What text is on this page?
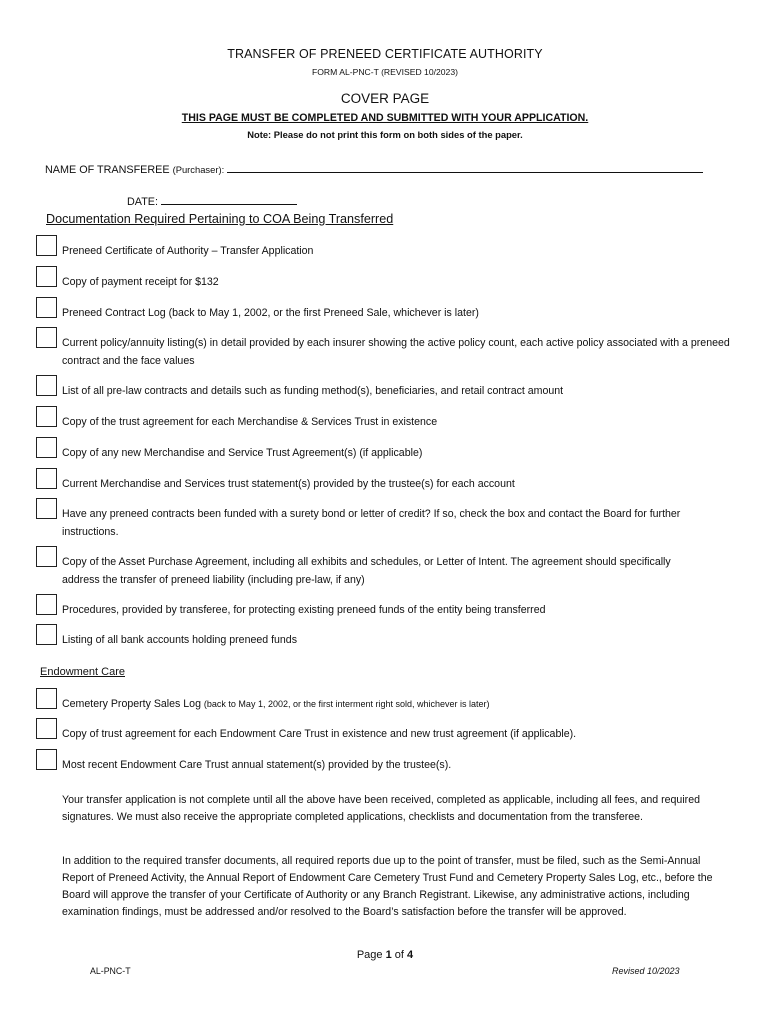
TRANSFER OF PRENEED CERTIFICATE AUTHORITY
FORM AL-PNC-T (REVISED 10/2023)
COVER PAGE
THIS PAGE MUST BE COMPLETED AND SUBMITTED WITH YOUR APPLICATION.
Note: Please do not print this form on both sides of the paper.
NAME OF TRANSFEREE (Purchaser):
DATE:
Documentation Required Pertaining to COA Being Transferred
Preneed Certificate of Authority – Transfer Application
Copy of payment receipt for $132
Preneed Contract Log (back to May 1, 2002, or the first Preneed Sale, whichever is later)
Current policy/annuity listing(s) in detail provided by each insurer showing the active policy count, each active policy associated with a preneed contract and the face values
List of all pre-law contracts and details such as funding method(s), beneficiaries, and retail contract amount
Copy of the trust agreement for each Merchandise & Services Trust in existence
Copy of any new Merchandise and Service Trust Agreement(s) (if applicable)
Current Merchandise and Services trust statement(s) provided by the trustee(s) for each account
Have any preneed contracts been funded with a surety bond or letter of credit? If so, check the box and contact the Board for further instructions.
Copy of the Asset Purchase Agreement, including all exhibits and schedules, or Letter of Intent. The agreement should specifically address the transfer of preneed liability (including pre-law, if any)
Procedures, provided by transferee, for protecting existing preneed funds of the entity being transferred
Listing of all bank accounts holding preneed funds
Endowment Care
Cemetery Property Sales Log (back to May 1, 2002, or the first interment right sold, whichever is later)
Copy of trust agreement for each Endowment Care Trust in existence and new trust agreement (if applicable).
Most recent Endowment Care Trust annual statement(s) provided by the trustee(s).
Your transfer application is not complete until all the above have been received, completed as applicable, including all fees, and required signatures. We must also receive the appropriate completed applications, checklists and documentation from the transferee.
In addition to the required transfer documents, all required reports due up to the point of transfer, must be filed, such as the Semi-Annual Report of Preneed Activity, the Annual Report of Endowment Care Cemetery Trust Fund and Cemetery Property Sales Log, etc., before the Board will approve the transfer of your Certificate of Authority or any Branch Registrant. Likewise, any administrative actions, including examination findings, must be addressed and/or resolved to the Board’s satisfaction before the transfer will be approved.
Page 1 of 4
AL-PNC-T	Revised 10/2023
